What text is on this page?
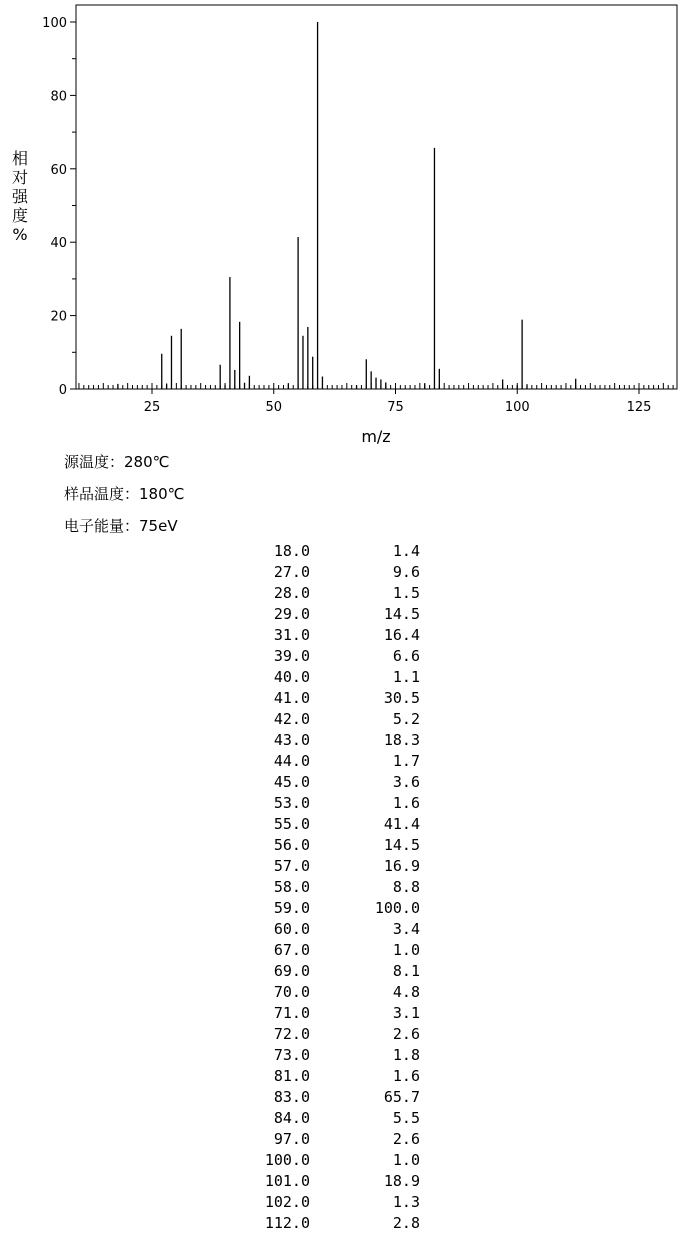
0
20
40
60
80
100
25	50	75	100	125
m/z
相
对
强
度
%
源温度：280℃
样品温度：180℃
电子能量：75eV
18.0	1.4
27.0	9.6
28.0	1.5
29.0	14.5
31.0	16.4
39.0	6.6
40.0	1.1
41.0	30.5
42.0	5.2
43.0	18.3
44.0	1.7
45.0	3.6
53.0	1.6
55.0	41.4
56.0	14.5
57.0	16.9
58.0	8.8
59.0	100.0
60.0	3.4
67.0	1.0
69.0	8.1
70.0	4.8
71.0	3.1
72.0	2.6
73.0	1.8
81.0	1.6
83.0	65.7
84.0	5.5
97.0	2.6
100.0	1.0
101.0	18.9
102.0	1.3
112.0	2.8
